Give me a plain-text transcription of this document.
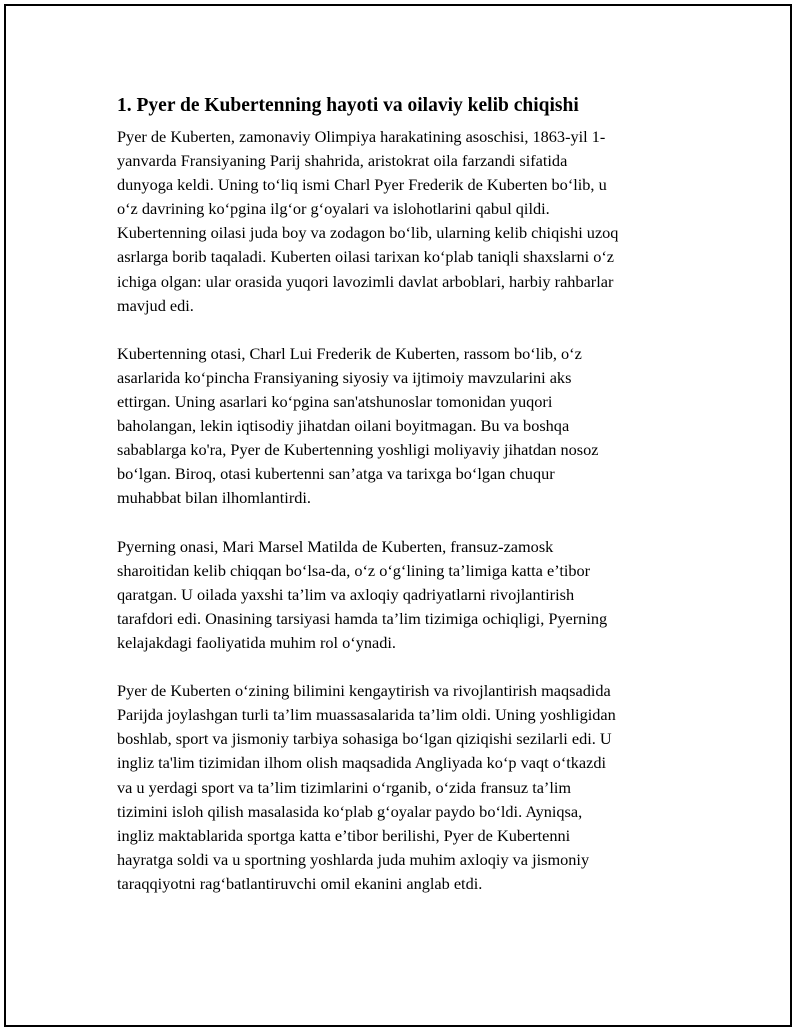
1. Pyer de Kubertenning hayoti va oilaviy kelib chiqishi

Pyer de Kuberten, zamonaviy Olimpiya harakatining asoschisi, 1863-yil 1-
yanvarda Fransiyaning Parij shahrida, aristokrat oila farzandi sifatida
dunyoga keldi. Uning to‘liq ismi Charl Pyer Frederik de Kuberten bo‘lib, u
o‘z davrining ko‘pgina ilg‘or g‘oyalari va islohotlarini qabul qildi.
Kubertenning oilasi juda boy va zodagon bo‘lib, ularning kelib chiqishi uzoq
asrlarga borib taqaladi. Kuberten oilasi tarixan ko‘plab taniqli shaxslarni o‘z
ichiga olgan: ular orasida yuqori lavozimli davlat arboblari, harbiy rahbarlar
mavjud edi.

Kubertenning otasi, Charl Lui Frederik de Kuberten, rassom bo‘lib, o‘z
asarlarida ko‘pincha Fransiyaning siyosiy va ijtimoiy mavzularini aks
ettirgan. Uning asarlari ko‘pgina san'atshunoslar tomonidan yuqori
baholangan, lekin iqtisodiy jihatdan oilani boyitmagan. Bu va boshqa
sabablarga ko'ra, Pyer de Kubertenning yoshligi moliyaviy jihatdan nosoz
bo‘lgan. Biroq, otasi kubertenni san’atga va tarixga bo‘lgan chuqur
muhabbat bilan ilhomlantirdi.

Pyerning onasi, Mari Marsel Matilda de Kuberten, fransuz-zamosk
sharoitidan kelib chiqqan bo‘lsa-da, o‘z o‘g‘lining ta’limiga katta e’tibor
qaratgan. U oilada yaxshi ta’lim va axloqiy qadriyatlarni rivojlantirish
tarafdori edi. Onasining tarsiyasi hamda ta’lim tizimiga ochiqligi, Pyerning
kelajakdagi faoliyatida muhim rol o‘ynadi.

Pyer de Kuberten o‘zining bilimini kengaytirish va rivojlantirish maqsadida
Parijda joylashgan turli ta’lim muassasalarida ta’lim oldi. Uning yoshligidan
boshlab, sport va jismoniy tarbiya sohasiga bo‘lgan qiziqishi sezilarli edi. U
ingliz ta'lim tizimidan ilhom olish maqsadida Angliyada ko‘p vaqt o‘tkazdi
va u yerdagi sport va ta’lim tizimlarini o‘rganib, o‘zida fransuz ta’lim
tizimini isloh qilish masalasida ko‘plab g‘oyalar paydo bo‘ldi. Ayniqsa,
ingliz maktablarida sportga katta e’tibor berilishi, Pyer de Kubertenni
hayratga soldi va u sportning yoshlarda juda muhim axloqiy va jismoniy
taraqqiyotni rag‘batlantiruvchi omil ekanini anglab etdi.
